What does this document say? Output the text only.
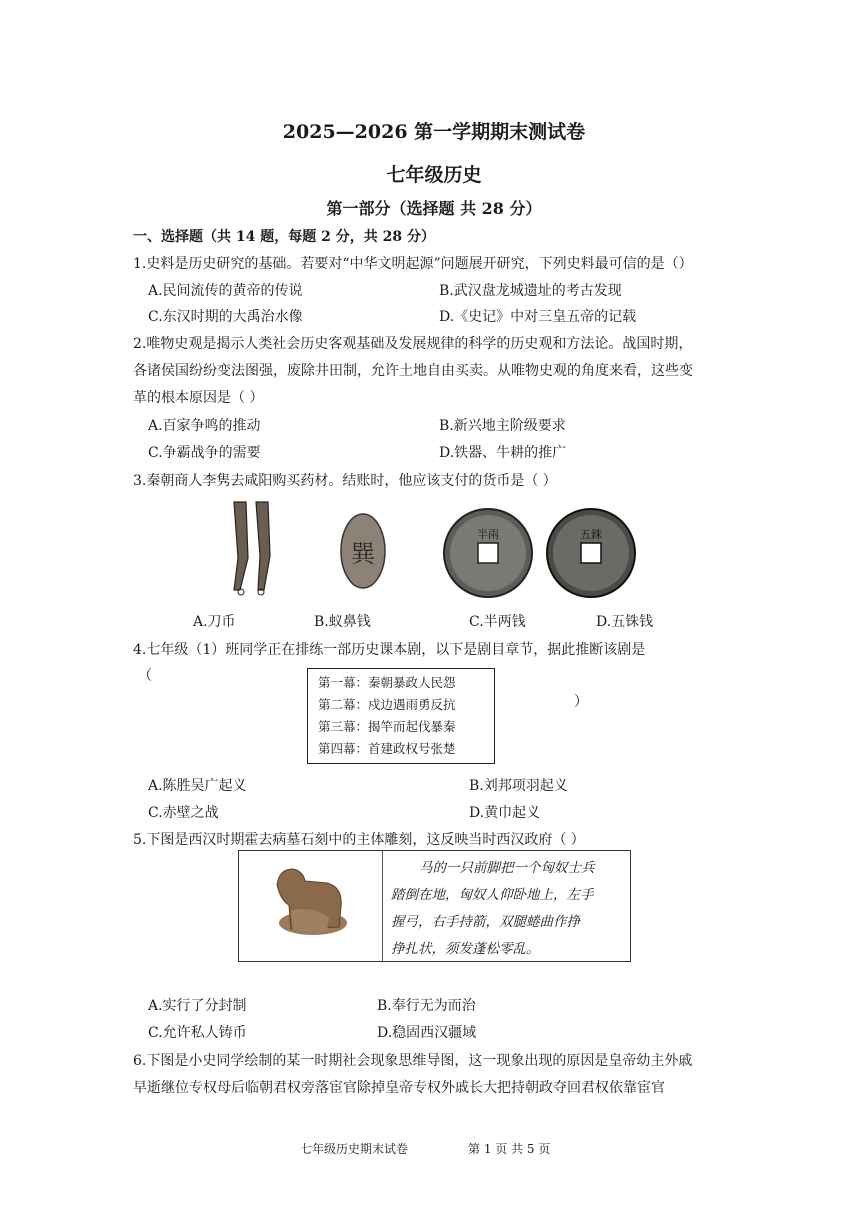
2025—2026 第一学期期末测试卷
七年级历史
第一部分（选择题 共 28 分）
一、选择题（共 14 题，每题 2 分，共 28 分）
1.史料是历史研究的基础。若要对“中华文明起源”问题展开研究，下列史料最可信的是（）
A.民间流传的黄帝的传说	B.武汉盘龙城遗址的考古发现
C.东汉时期的大禹治水像	D.《史记》中对三皇五帝的记载
2.唯物史观是揭示人类社会历史客观基础及发展规律的科学的历史观和方法论。战国时期，
各诸侯国纷纷变法图强，废除井田制，允许土地自由买卖。从唯物史观的角度来看，这些变
革的根本原因是（ ）
A.百家争鸣的推动	B.新兴地主阶级要求
C.争霸战争的需要	D.铁器、牛耕的推广
3.秦朝商人李隽去咸阳购买药材。结账时，他应该支付的货币是（ ）
巽
半兩	五銖
A.刀币	B.蚁鼻钱	C.半两钱	D.五铢钱
4.七年级（1）班同学正在排练一部历史课本剧，以下是剧目章节，据此推断该剧是
（
）
第一幕：秦朝暴政人民怨
第二幕：戍边遇雨勇反抗
第三幕：揭竿而起伐暴秦
第四幕：首建政权号张楚
A.陈胜吴广起义	B.刘邦项羽起义
C.赤壁之战	D.黄巾起义
5.下图是西汉时期霍去病墓石刻中的主体雕刻，这反映当时西汉政府（ ）
马的一只前脚把一个匈奴士兵
踏倒在地，匈奴人仰卧地上，左手
握弓，右手持箭，双腿蜷曲作挣
挣扎状，须发蓬松零乱。
A.实行了分封制	B.奉行无为而治
C.允许私人铸币	D.稳固西汉疆域
6.下图是小史同学绘制的某一时期社会现象思维导图，这一现象出现的原因是皇帝幼主外戚
早逝继位专权母后临朝君权旁落宦官除掉皇帝专权外戚长大把持朝政夺回君权依靠宦官
七年级历史期末试卷	第 1 页 共 5 页
